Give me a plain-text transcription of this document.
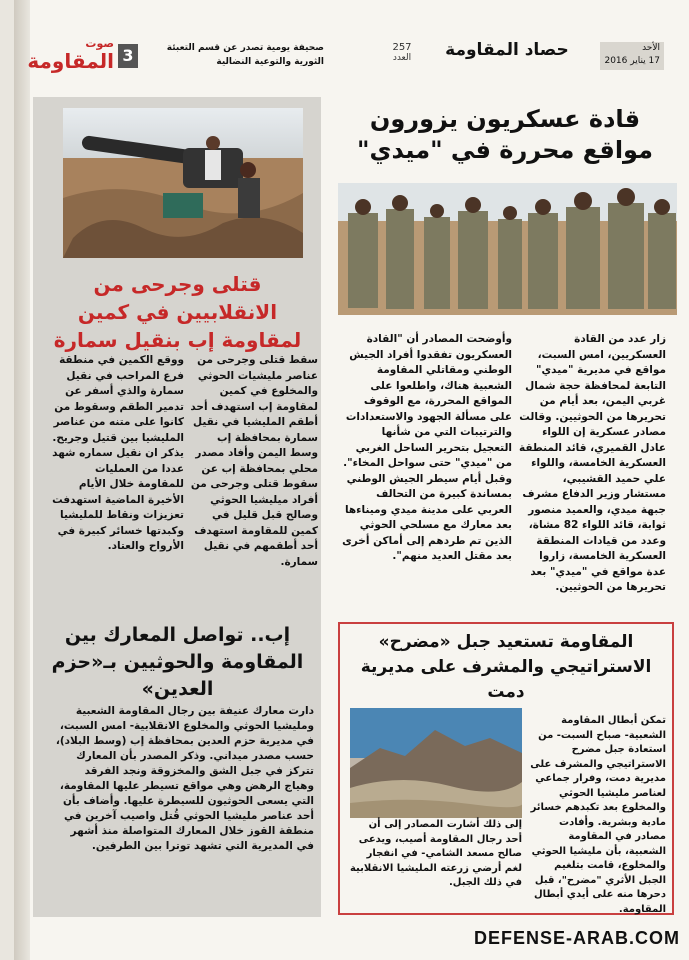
صوت
المقاومة 3	صحيفة يومية تصدر عن قسم التعبئة الثورية والتوعية النضالية
257
العدد	حصاد المقاومة	الأحد
17 يناير 2016
قتلى وجرحى من الانقلابيين في كمين لمقاومة إب بنقيل سمارة
سقط قتلى وجرحى من عناصر مليشيات الحوثي والمخلوع في كمين لمقاومة إب استهدف أحد أطقم المليشيا في نقيل سمارة بمحافظة إب وسط اليمن وأفاد مصدر محلي بمحافظة إب عن سقوط قتلى وجرحى من أفراد ميليشيا الحوثي وصالح قبل قليل في كمين للمقاومة استهدف أحد أطقمهم في نقيل سمارة.
ووقع الكمين في منطقة فرع المراحب في نقيل سمارة والذي أسفر عن تدمير الطقم وسقوط من كانوا على متنه من عناصر المليشيا بين قتيل وجريح. يذكر ان نقيل سماره شهد عددا من العمليات للمقاومة خلال الأيام الأخيرة الماضية استهدفت تعزيزات ونقاط للمليشيا وكبدتها خسائر كبيرة في الأرواح والعتاد.
إب.. تواصل المعارك بين المقاومة والحوثيين بـ«حزم العدين»
دارت معارك عنيفة بين رجال المقاومة الشعبية ومليشيا الحوثي والمخلوع الانقلابية- امس السبت، في مديرية حزم العدين بمحافظة إب (وسط البلاد)، حسب مصدر ميداني. وذكر المصدر بأن المعارك تتركز في جبل الشق والمخزوقة ونجد الفرقد وهياج الرهض وهي مواقع تسيطر عليها المقاومة، التي يسعى الحوثيون للسيطرة عليها. وأضاف بأن أحد عناصر مليشيا الحوثي قُتل واصيب آخرين في منطقة القوز خلال المعارك المتواصلة منذ أشهر في المديرية التي تشهد توترا بين الطرفين.
قادة عسكريون يزورون مواقع محررة في "ميدي"
زار عدد من القادة العسكريين، امس السبت، مواقع في مديرية "ميدي" التابعة لمحافظة حجة شمال غربي اليمن، بعد أيام من تحريرها من الحوثيين. وقالت مصادر عسكرية إن اللواء عادل القميري، قائد المنطقة العسكرية الخامسة، واللواء علي حميد القشيبي، مستشار وزير الدفاع مشرف جبهة ميدي، والعميد منصور ثوابة، قائد اللواء 82 مشاة، وعدد من قيادات المنطقة العسكرية الخامسة، زاروا عدة مواقع في "ميدي" بعد تحريرها من الحوثيين.
وأوضحت المصادر أن "القادة العسكريون تفقدوا أفراد الجيش الوطني ومقاتلي المقاومة الشعبية هناك، واطلعوا على المواقع المحررة، مع الوقوف على مسألة الجهود والاستعدادات والترتيبات التي من شأنها التعجيل بتحرير الساحل الغربي من "ميدي" حتى سواحل المخاء". وقبل أيام سيطر الجيش الوطني بمساندة كبيرة من التحالف العربي على مدينة ميدي وميناءها بعد معارك مع مسلحي الحوثي الذين تم طردهم إلى أماكن أخرى بعد مقتل العديد منهم".
المقاومة تستعيد جبل «مضرح» الاستراتيجي والمشرف على مديرية دمت
تمكن أبطال المقاومة الشعبية- صباح السبت- من استعادة جبل مضرح الاستراتيجي والمشرف على مديرية دمت، وفرار جماعي لعناصر مليشيا الحوثي والمخلوع بعد تكبدهم خسائر مادية وبشرية. وأفادت مصادر في المقاومة الشعبية، بأن مليشيا الحوثي والمخلوع، قامت بتلغيم الجبل الأثري "مضرح"، قبل دحرها منه على أيدي أبطال المقاومة.
إلى ذلك أشارت المصادر إلى أن أحد رجال المقاومة أصيب، ويدعى صالح مسعد الشامي- في انفجار لغم أرضي زرعته المليشيا الانقلابية في ذلك الجبل.
DEFENSE-ARAB.COM
